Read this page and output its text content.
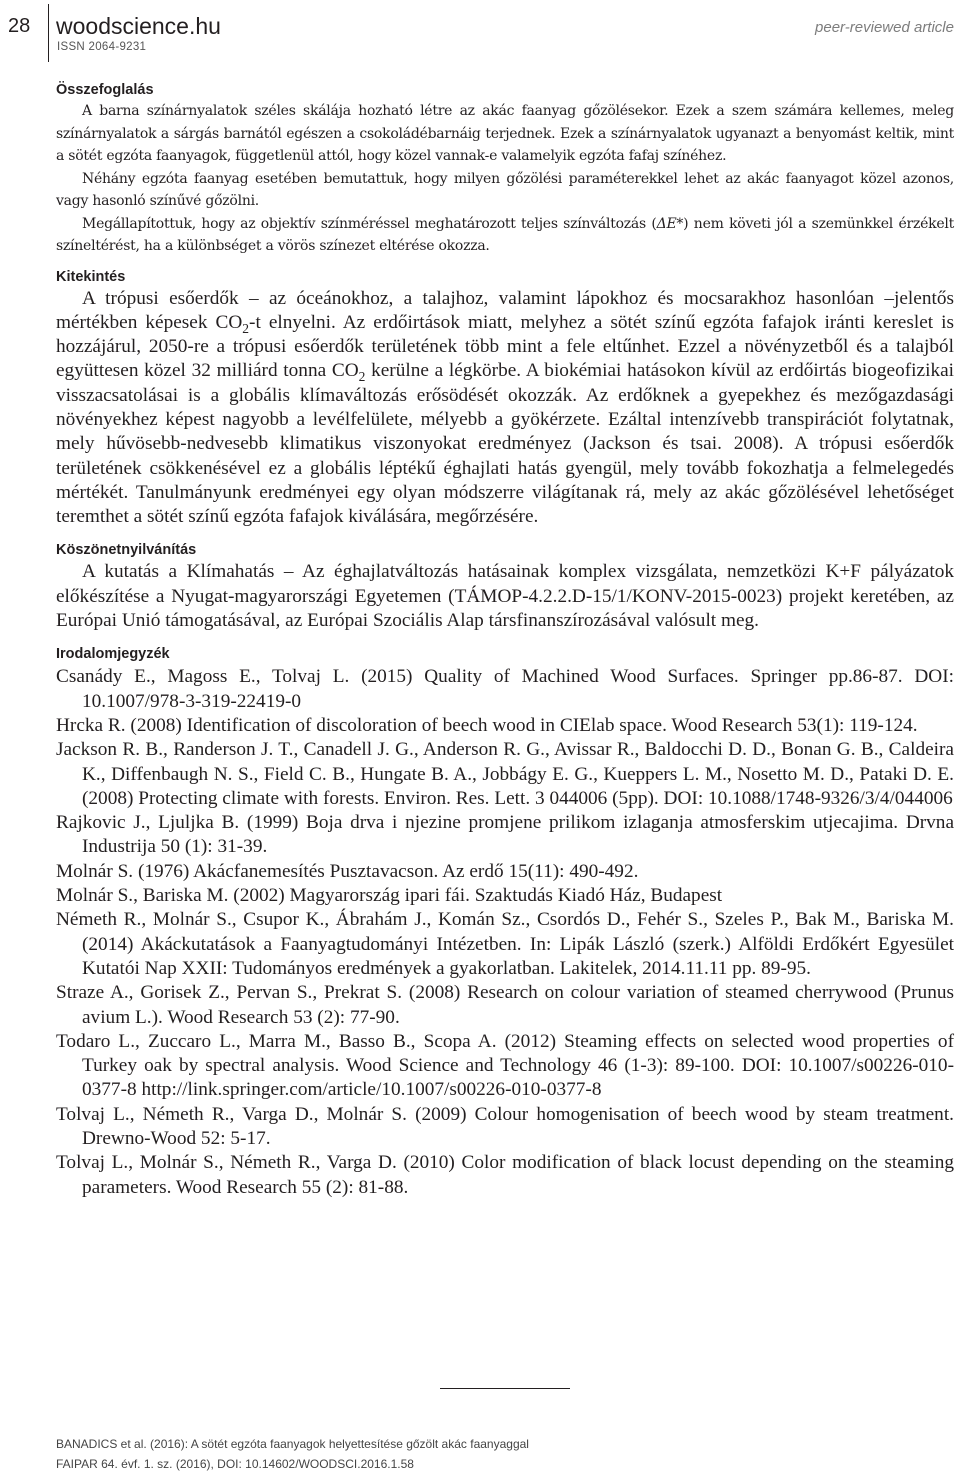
28	woodscience.hu
ISSN 2064-9231
peer-reviewed article
Összefoglalás

A barna színárnyalatok széles skálája hozható létre az akác faanyag gőzölésekor. Ezek a szem számára kellemes, meleg színárnyalatok a sárgás barnától egészen a csokoládébarnáig terjednek. Ezek a színárnyalatok ugyanazt a benyomást keltik, mint a sötét egzóta faanyagok, függetlenül attól, hogy közel vannak-e valamelyik egzóta fafaj színéhez.

Néhány egzóta faanyag esetében bemutattuk, hogy milyen gőzölési paraméterekkel lehet az akác faanyagot közel azonos, vagy hasonló színűvé gőzölni.

Megállapítottuk, hogy az objektív színméréssel meghatározott teljes színváltozás (ΔE*) nem követi jól a szemünkkel érzékelt színeltérést, ha a különbséget a vörös színezet eltérése okozza.

Kitekintés

A trópusi esőerdők – az óceánokhoz, a talajhoz, valamint lápokhoz és mocsarakhoz hasonlóan –jelentős mértékben képesek $CO_2-t$ elnyelni. Az erdőirtások miatt, melyhez a sötét színű egzóta fafajok iránti kereslet is hozzájárul, 2050-re a trópusi esőerdők területének több mint a fele eltűnhet. Ezzel a növényzetből és a talajból együttesen közel 32 milliárd tonna $CO_2$ kerülne a légkörbe. A biokémiai hatásokon kívül az erdőirtás biogeofizikai visszacsatolásai is a globális klímaváltozás erősödését okozzák. Az erdőknek a gyepekhez és mezőgazdasági növényekhez képest nagyobb a levélfelülete, mélyebb a gyökérzete. Ezáltal intenzívebb transpirációt folytatnak, mely hűvösebb-nedvesebb klimatikus viszonyokat eredményez (Jackson és tsai. 2008). A trópusi esőerdők területének csökkenésével ez a globális léptékű éghajlati hatás gyengül, mely tovább fokozhatja a felmelegedés mértékét. Tanulmányunk eredményei egy olyan módszerre világítanak rá, mely az akác gőzölésével lehetőséget teremthet a sötét színű egzóta fafajok kiválására, megőrzésére.

Köszönetnyilvánítás

A kutatás a Klímahatás – Az éghajlatváltozás hatásainak komplex vizsgálata, nemzetközi K+F pályázatok előkészítése a Nyugat-magyarországi Egyetemen (TÁMOP-4.2.2.D-15/1/KONV-2015-0023) projekt keretében, az Európai Unió támogatásával, az Európai Szociális Alap társfinanszírozásával valósult meg.

Irodalomjegyzék

Csanády E., Magoss E., Tolvaj L. (2015) Quality of Machined Wood Surfaces. Springer pp.86-87. DOI: 10.1007/978-3-319-22419-0

Hrcka R. (2008) Identification of discoloration of beech wood in CIElab space. Wood Research 53(1): 119-124.

Jackson R. B., Randerson J. T., Canadell J. G., Anderson R. G., Avissar R., Baldocchi D. D., Bonan G. B., Caldeira K., Diffenbaugh N. S., Field C. B., Hungate B. A., Jobbágy E. G., Kueppers L. M., Nosetto M. D., Pataki D. E. (2008) Protecting climate with forests. Environ. Res. Lett. 3 044006 (5pp). DOI: 10.1088/1748-9326/3/4/044006

Rajkovic J., Ljuljka B. (1999) Boja drva i njezine promjene prilikom izlaganja atmosferskim utjecajima. Drvna Industrija 50 (1): 31-39.

Molnár S. (1976) Akácfanemesítés Pusztavacson. Az erdő 15(11): 490-492.

Molnár S., Bariska M. (2002) Magyarország ipari fái. Szaktudás Kiadó Ház, Budapest

Németh R., Molnár S., Csupor K., Ábrahám J., Komán Sz., Csordós D., Fehér S., Szeles P., Bak M., Bariska M. (2014) Akáckutatások a Faanyagtudományi Intézetben. In: Lipák László (szerk.) Alföldi Erdőkért Egyesület Kutatói Nap XXII: Tudományos eredmények a gyakorlatban. Lakitelek, 2014.11.11 pp. 89-95.

Straze A., Gorisek Z., Pervan S., Prekrat S. (2008) Research on colour variation of steamed cherrywood (Prunus avium L.). Wood Research 53 (2): 77-90.

Todaro L., Zuccaro L., Marra M., Basso B., Scopa A. (2012) Steaming effects on selected wood properties of Turkey oak by spectral analysis. Wood Science and Technology 46 (1-3): 89-100. DOI: 10.1007/s00226-010-0377-8 http://link.springer.com/article/10.1007/s00226-010-0377-8

Tolvaj L., Németh R., Varga D., Molnár S. (2009) Colour homogenisation of beech wood by steam treatment. Drewno-Wood 52: 5-17.

Tolvaj L., Molnár S., Németh R., Varga D. (2010) Color modification of black locust depending on the steaming parameters. Wood Research 55 (2): 81-88.

BANADICS et al. (2016): A sötét egzóta faanyagok helyettesítése gőzölt akác faanyaggal
FAIPAR 64. évf. 1. sz. (2016), DOI: 10.14602/WOODSCI.2016.1.58
